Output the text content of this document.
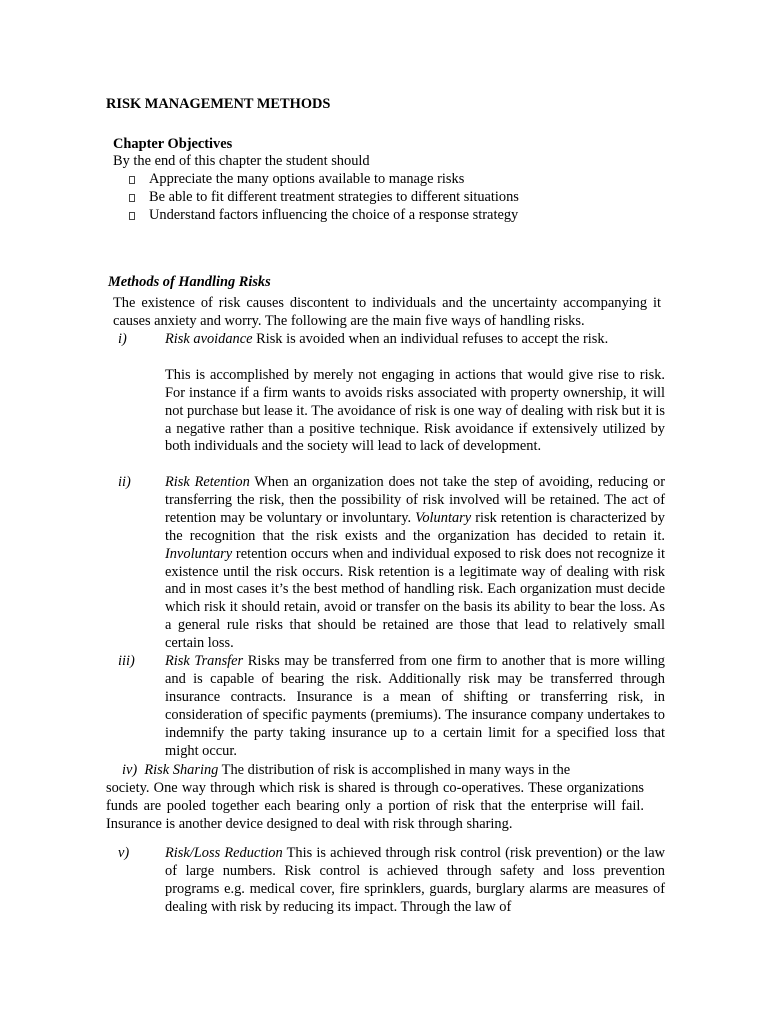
RISK MANAGEMENT METHODS
Chapter Objectives
By the end of this chapter the student should
Appreciate the many options available to manage risks
Be able to fit different treatment strategies to different situations
Understand factors influencing the choice of a response strategy
Methods of Handling Risks
The existence of risk causes discontent to individuals and the uncertainty accompanying it causes anxiety and worry. The following are the main five ways of handling risks.
i)	Risk avoidance Risk is avoided when an individual refuses to accept the risk.

This is accomplished by merely not engaging in actions that would give rise to risk. For instance if a firm wants to avoids risks associated with property ownership, it will not purchase but lease it. The avoidance of risk is one way of dealing with risk but it is a negative rather than a positive technique. Risk avoidance if extensively utilized by both individuals and the society will lead to lack of development.

ii) Risk Retention When an organization does not take the step of avoiding, reducing or transferring the risk, then the possibility of risk involved will be retained. The act of retention may be voluntary or involuntary. Voluntary risk retention is characterized by the recognition that the risk exists and the organization has decided to retain it. Involuntary retention occurs when and individual exposed to risk does not recognize it existence until the risk occurs. Risk retention is a legitimate way of dealing with risk and in most cases it’s the best method of handling risk. Each organization must decide which risk it should retain, avoid or transfer on the basis its ability to bear the loss. As a general rule risks that should be retained are those that lead to relatively small certain loss.

iii) Risk Transfer Risks may be transferred from one firm to another that is more willing and is capable of bearing the risk. Additionally risk may be transferred through insurance contracts. Insurance is a mean of shifting or transferring risk, in consideration of specific payments (premiums). The insurance company undertakes to indemnify the party taking insurance up to a certain limit for a specified loss that might occur.

iv) Risk Sharing The distribution of risk is accomplished in many ways in the
society. One way through which risk is shared is through co-operatives. These organizations funds are pooled together each bearing only a portion of risk that the enterprise will fail. Insurance is another device designed to deal with risk through sharing.
v) Risk/Loss Reduction This is achieved through risk control (risk prevention) or the law of large numbers. Risk control is achieved through safety and loss prevention programs e.g. medical cover, fire sprinklers, guards, burglary alarms are measures of dealing with risk by reducing its impact. Through the law of
